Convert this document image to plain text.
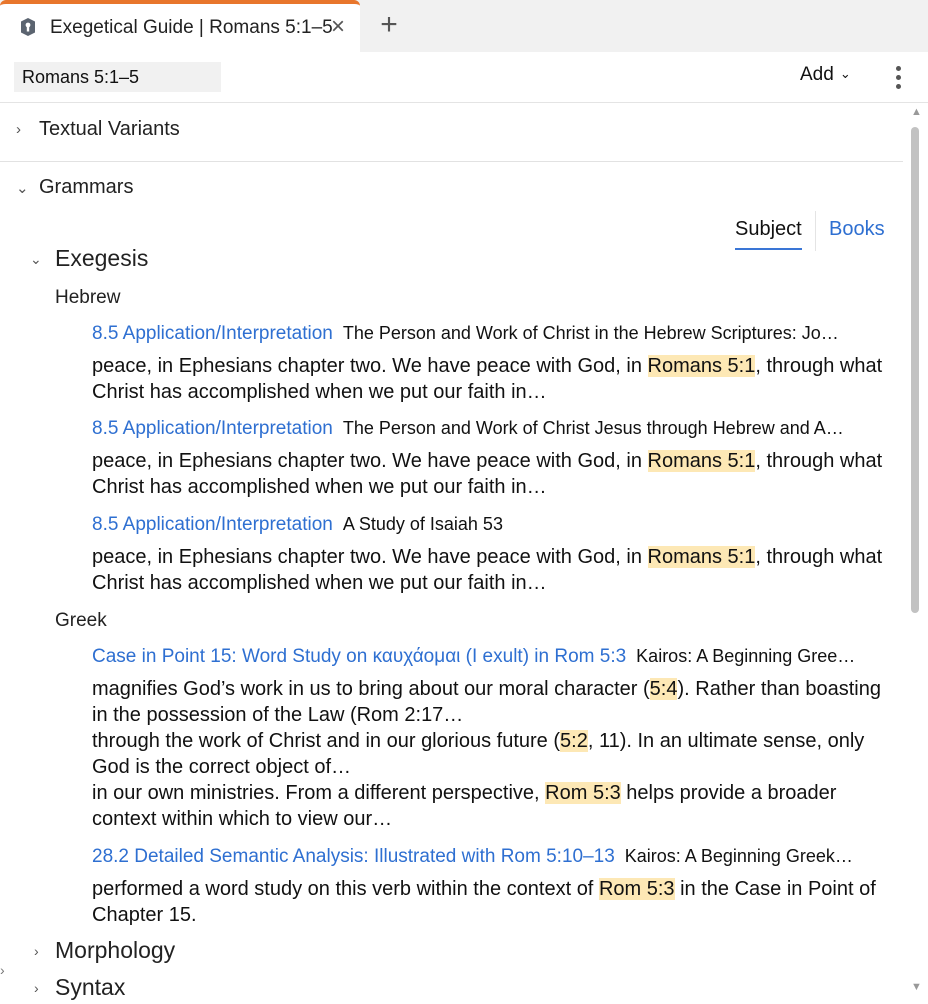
Exegetical Guide | Romans 5:1–5
× +
Romans 5:1–5
Add ⌄
› Textual Variants
⌄ Grammars
Subject Books
⌄ Exegesis
Hebrew
8.5 Application/Interpretation The Person and Work of Christ in the Hebrew Scriptures: Jo…
peace, in Ephesians chapter two. We have peace with God, in Romans 5:1, through what Christ has accomplished when we put our faith in…
8.5 Application/Interpretation The Person and Work of Christ Jesus through Hebrew and A…
peace, in Ephesians chapter two. We have peace with God, in Romans 5:1, through what Christ has accomplished when we put our faith in…
8.5 Application/Interpretation A Study of Isaiah 53
peace, in Ephesians chapter two. We have peace with God, in Romans 5:1, through what Christ has accomplished when we put our faith in…
Greek
Case in Point 15: Word Study on καυχάομαι (I exult) in Rom 5:3 Kairos: A Beginning Gree…
magnifies God’s work in us to bring about our moral character (5:4). Rather than boasting in the possession of the Law (Rom 2:17…
through the work of Christ and in our glorious future (5:2, 11). In an ultimate sense, only God is the correct object of…
in our own ministries. From a different perspective, Rom 5:3 helps provide a broader context within which to view our…
28.2 Detailed Semantic Analysis: Illustrated with Rom 5:10–13 Kairos: A Beginning Greek…
performed a word study on this verb within the context of Rom 5:3 in the Case in Point of Chapter 15.
› Morphology
› Syntax
▲
▼
›
